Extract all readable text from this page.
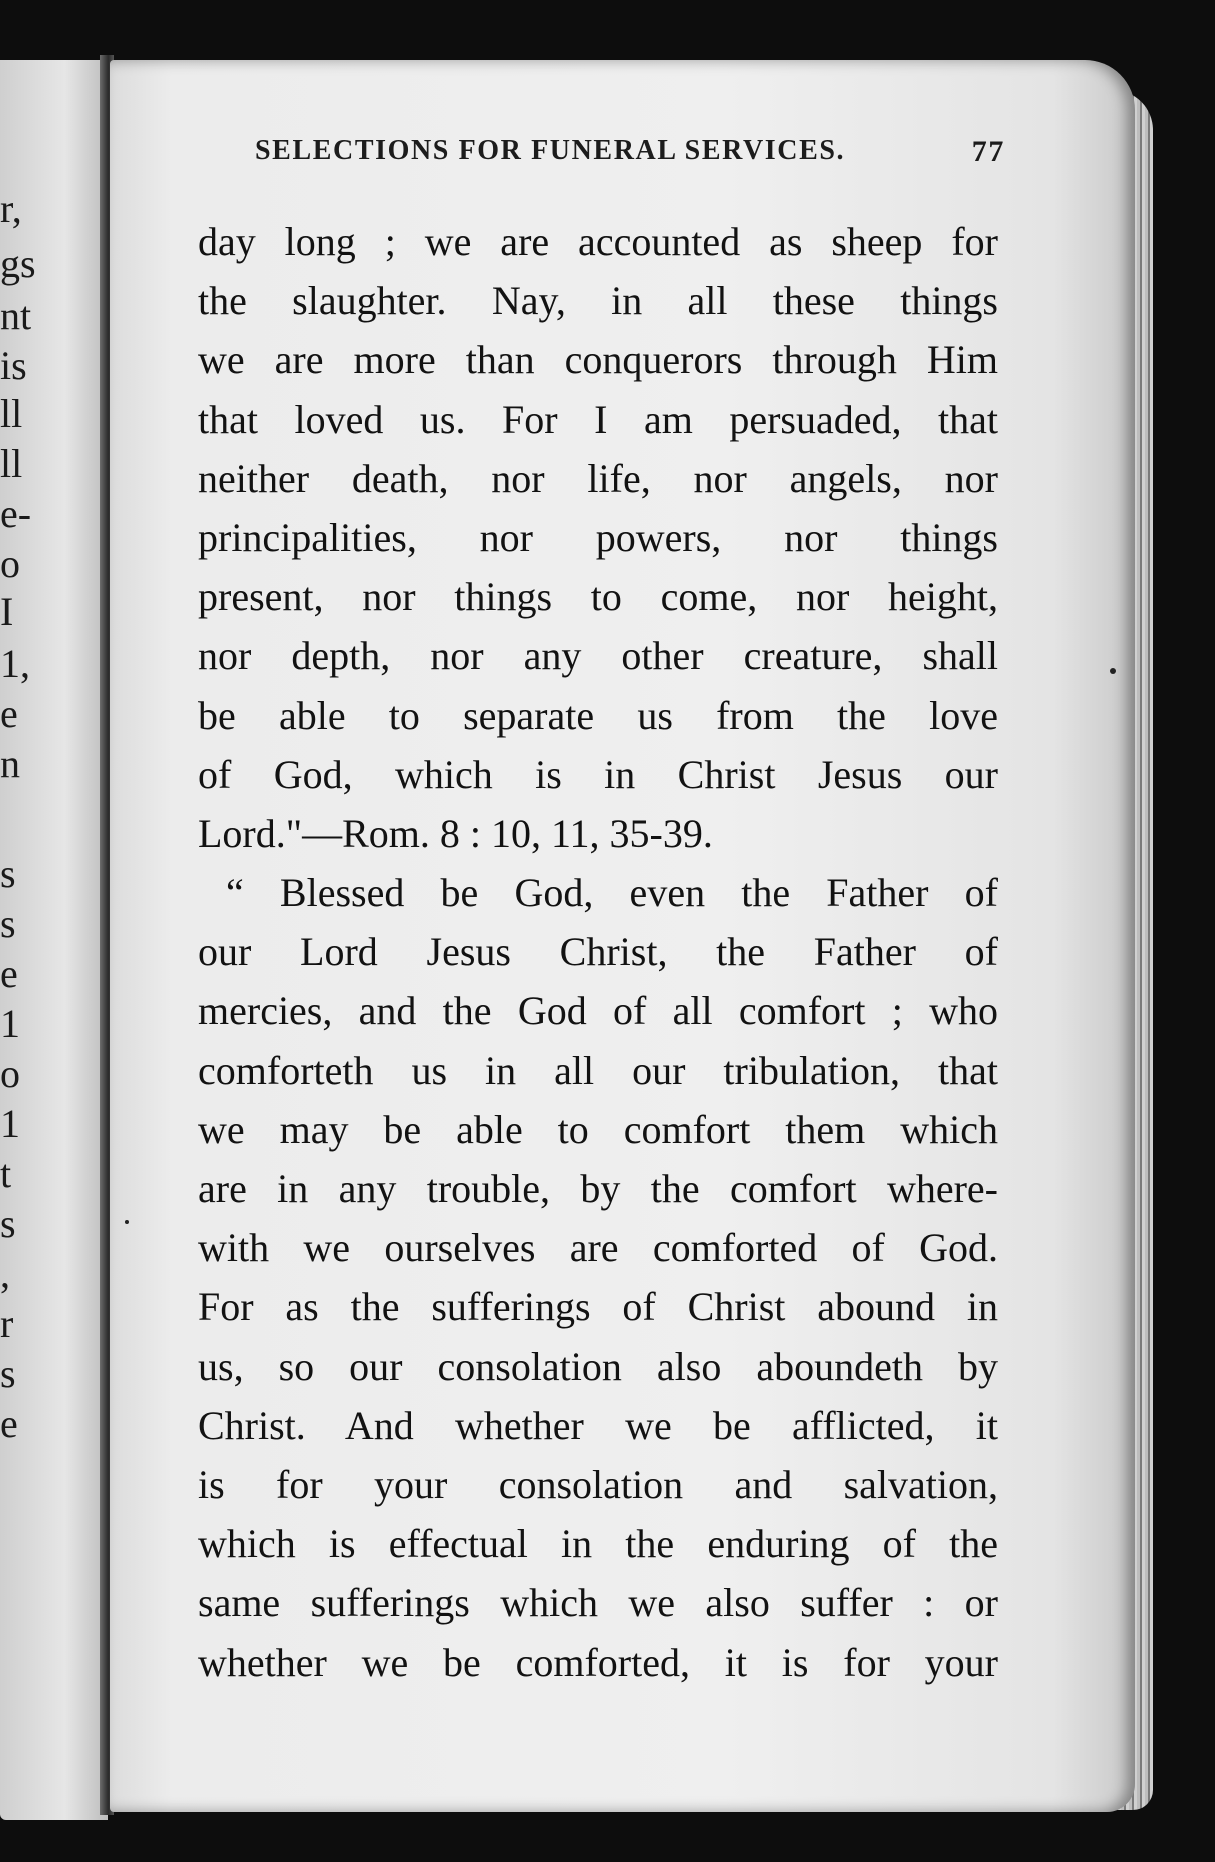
r,
gs
nt
is
ll
ll
e-
o
I
1,
e
n
s
s
e
1
o
1
t
s
,
r
s
e
SELECTIONS FOR FUNERAL SERVICES.	77
day long ; we are accounted as sheep for
the slaughter. Nay, in all these things
we are more than conquerors through Him
that loved us. For I am persuaded, that
neither death, nor life, nor angels, nor
principalities, nor powers, nor things
present, nor things to come, nor height,
nor depth, nor any other creature, shall
be able to separate us from the love
of God, which is in Christ Jesus our
Lord."—Rom. 8 : 10, 11, 35-39.
“ Blessed be God, even the Father of
our Lord Jesus Christ, the Father of
mercies, and the God of all comfort ; who
comforteth us in all our tribulation, that
we may be able to comfort them which
are in any trouble, by the comfort where-
with we ourselves are comforted of God.
For as the sufferings of Christ abound in
us, so our consolation also aboundeth by
Christ. And whether we be afflicted, it
is for your consolation and salvation,
which is effectual in the enduring of the
same sufferings which we also suffer : or
whether we be comforted, it is for your
